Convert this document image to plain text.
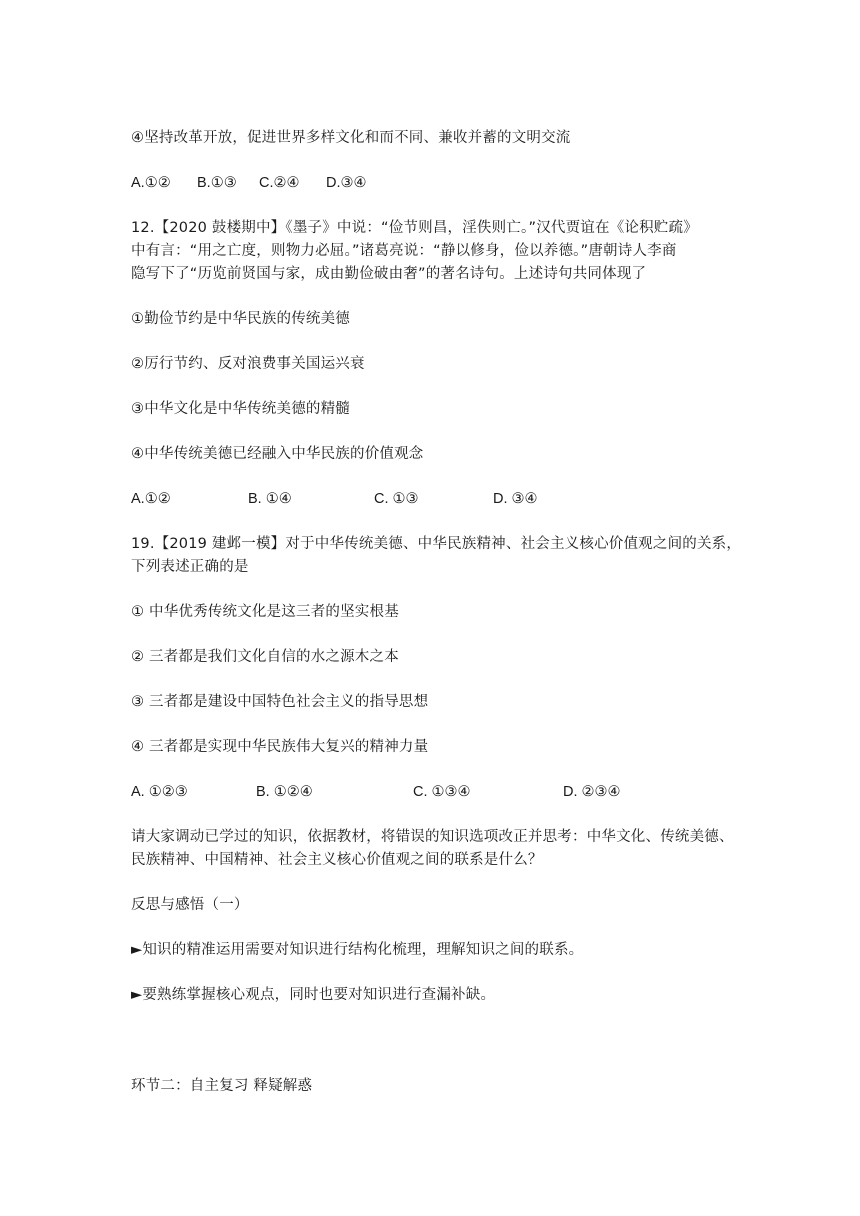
④坚持改革开放，促进世界多样文化和而不同、兼收并蓄的文明交流
A.①② B.①③ C.②④ D.③④
12.【2020 鼓楼期中】《墨子》中说：“俭节则昌，淫佚则亡。”汉代贾谊在《论积贮疏》
中有言：“用之亡度，则物力必屈。”诸葛亮说：“静以修身，俭以养德。”唐朝诗人李商
隐写下了“历览前贤国与家，成由勤俭破由奢”的著名诗句。上述诗句共同体现了
①勤俭节约是中华民族的传统美德
②厉行节约、反对浪费事关国运兴衰
③中华文化是中华传统美德的精髓
④中华传统美德已经融入中华民族的价值观念
A.①②	B. ①④	C. ①③	D. ③④
19.【2019 建邺一模】对于中华传统美德、中华民族精神、社会主义核心价值观之间的关系，
下列表述正确的是
① 中华优秀传统文化是这三者的坚实根基
② 三者都是我们文化自信的水之源木之本
③ 三者都是建设中国特色社会主义的指导思想
④ 三者都是实现中华民族伟大复兴的精神力量
A. ①②③	B. ①②④	C. ①③④	D. ②③④
请大家调动已学过的知识，依据教材，将错误的知识选项改正并思考：中华文化、传统美德、
民族精神、中国精神、社会主义核心价值观之间的联系是什么？
反思与感悟（一）
►知识的精准运用需要对知识进行结构化梳理，理解知识之间的联系。
►要熟练掌握核心观点，同时也要对知识进行查漏补缺。
环节二：自主复习 释疑解惑
